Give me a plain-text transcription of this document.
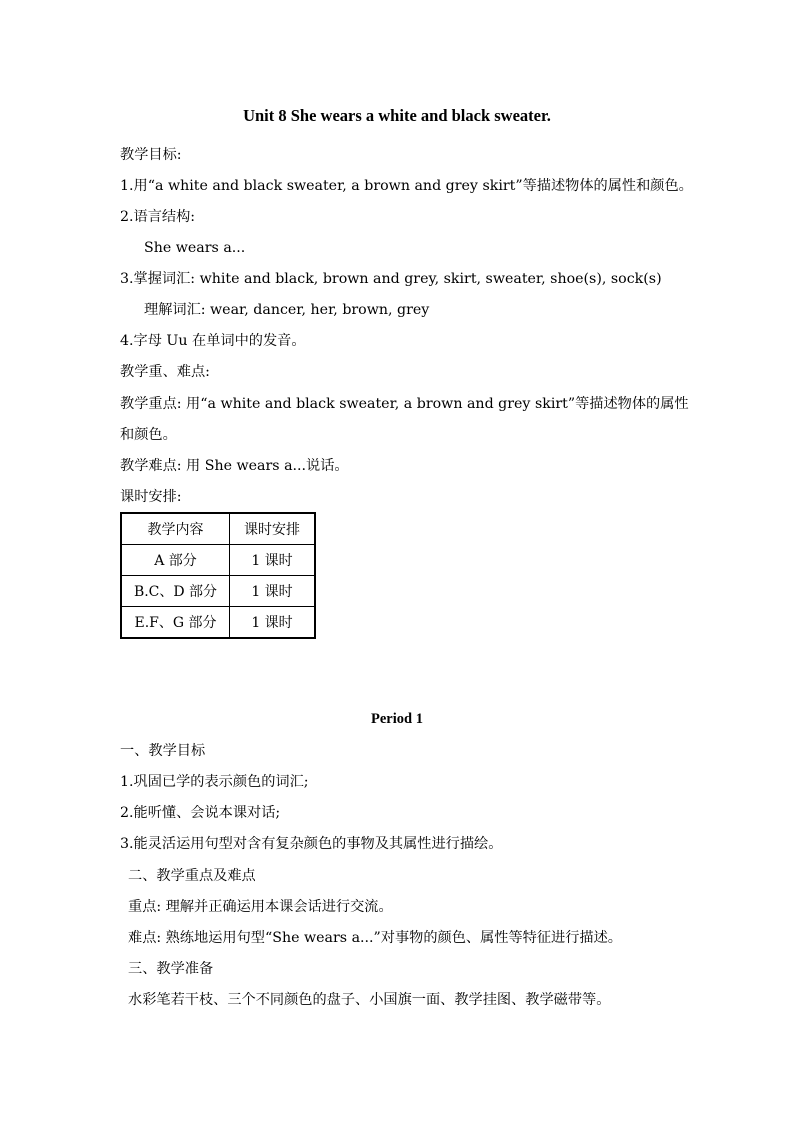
Unit 8 She wears a white and black sweater.
教学目标:
1.用“a white and black sweater, a brown and grey skirt”等描述物体的属性和颜色。
2.语言结构:
She wears a...
3.掌握词汇: white and black, brown and grey, skirt, sweater, shoe(s), sock(s)
理解词汇: wear, dancer, her, brown, grey
4.字母 Uu 在单词中的发音。
教学重、难点:
教学重点: 用“a white and black sweater, a brown and grey skirt”等描述物体的属性
和颜色。
教学难点: 用 She wears a...说话。
课时安排:
教学内容	课时安排
A 部分	1 课时
B.C、D 部分	1 课时
E.F、G 部分	1 课时
Period 1
一、教学目标
1.巩固已学的表示颜色的词汇;
2.能听懂、会说本课对话;
3.能灵活运用句型对含有复杂颜色的事物及其属性进行描绘。
二、教学重点及难点
重点: 理解并正确运用本课会话进行交流。
难点: 熟练地运用句型“She wears a...”对事物的颜色、属性等特征进行描述。
三、教学准备
水彩笔若干枝、三个不同颜色的盘子、小国旗一面、教学挂图、教学磁带等。
